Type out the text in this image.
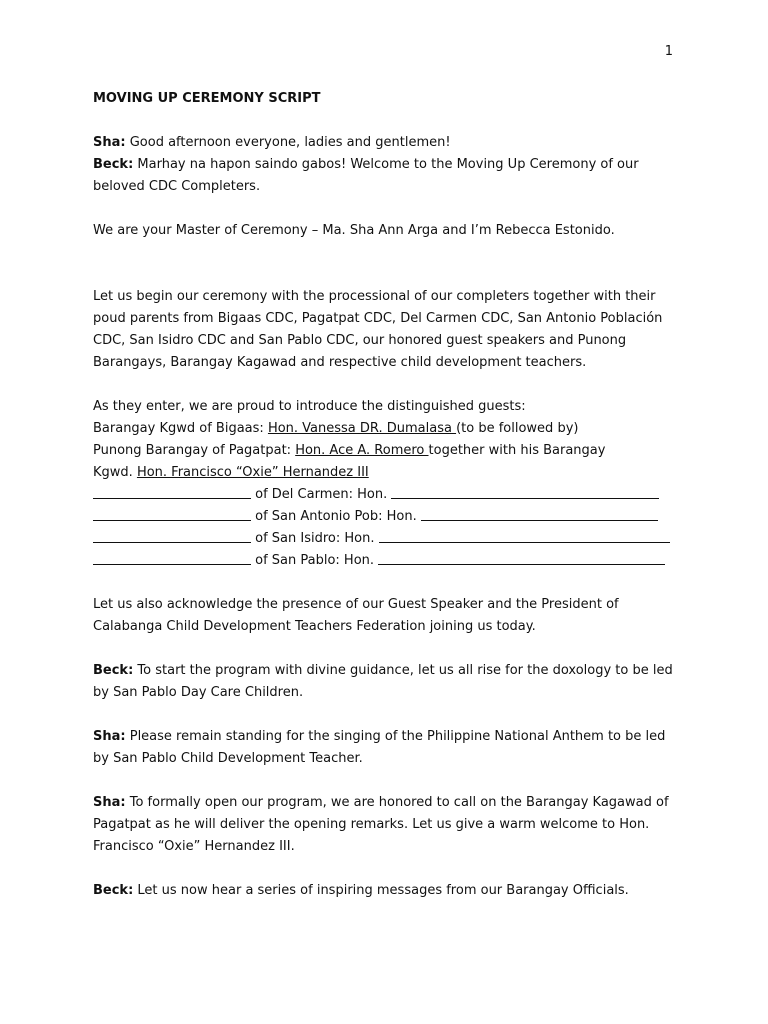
1
MOVING UP CEREMONY SCRIPT

Sha: Good afternoon everyone, ladies and gentlemen!

Beck: Marhay na hapon saindo gabos! Welcome to the Moving Up Ceremony of our beloved CDC Completers.

We are your Master of Ceremony – Ma. Sha Ann Arga and I’m Rebecca Estonido.

Let us begin our ceremony with the processional of our completers together with their poud parents from Bigaas CDC, Pagatpat CDC, Del Carmen CDC, San Antonio Población CDC, San Isidro CDC and San Pablo CDC, our honored guest speakers and Punong Barangays, Barangay Kagawad and respective child development teachers.

As they enter, we are proud to introduce the distinguished guests:

Barangay Kgwd of Bigaas: Hon. Vanessa DR. Dumalasa (to be followed by)

Punong Barangay of Pagatpat: Hon. Ace A. Romero together with his Barangay

Kgwd. Hon. Francisco “Oxie” Hernandez III

of Del Carmen: Hon.
of San Antonio Pob: Hon.
of San Isidro: Hon.
of San Pablo: Hon.

Let us also acknowledge the presence of our Guest Speaker and the President of Calabanga Child Development Teachers Federation joining us today.

Beck: To start the program with divine guidance, let us all rise for the doxology to be led by San Pablo Day Care Children.

Sha: Please remain standing for the singing of the Philippine National Anthem to be led by San Pablo Child Development Teacher.

Sha: To formally open our program, we are honored to call on the Barangay Kagawad of Pagatpat as he will deliver the opening remarks. Let us give a warm welcome to Hon. Francisco “Oxie” Hernandez III.

Beck: Let us now hear a series of inspiring messages from our Barangay Officials.
